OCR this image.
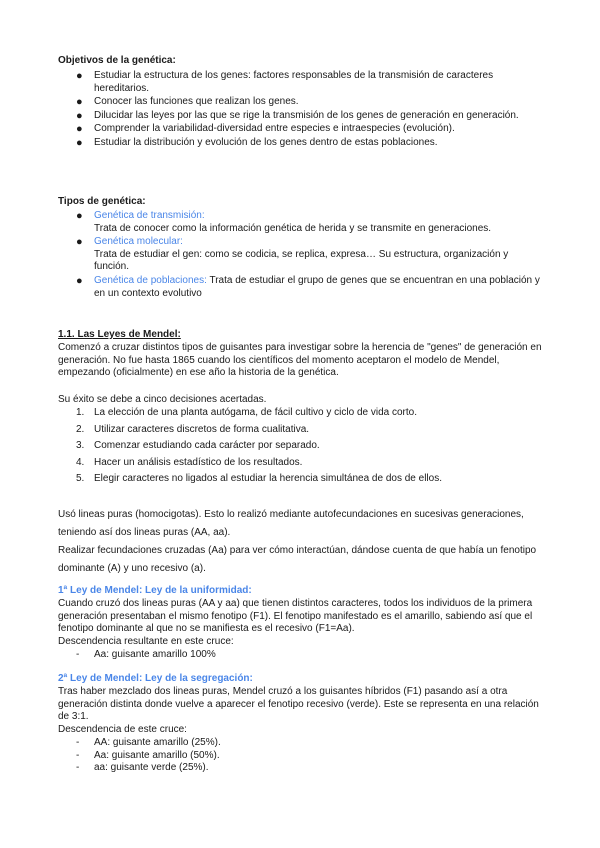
Objetivos de la genética:
● Estudiar la estructura de los genes: factores responsables de la transmisión de caracteres hereditarios.
● Conocer las funciones que realizan los genes.
● Dilucidar las leyes por las que se rige la transmisión de los genes de generación en generación.
● Comprender la variabilidad-diversidad entre especies e intraespecies (evolución).
● Estudiar la distribución y evolución de los genes dentro de estas poblaciones.
Tipos de genética:
● Genética de transmisión:
Trata de conocer como la información genética de herida y se transmite en generaciones.
● Genética molecular:
Trata de estudiar el gen: como se codicia, se replica, expresa… Su estructura, organización y función.
● Genética de poblaciones: Trata de estudiar el grupo de genes que se encuentran en una población y en un contexto evolutivo
1.1. Las Leyes de Mendel:
Comenzó a cruzar distintos tipos de guisantes para investigar sobre la herencia de "genes" de generación en generación. No fue hasta 1865 cuando los científicos del momento aceptaron el modelo de Mendel, empezando (oficialmente) en ese año la historia de la genética.
Su éxito se debe a cinco decisiones acertadas.
1. La elección de una planta autógama, de fácil cultivo y ciclo de vida corto.
2. Utilizar caracteres discretos de forma cualitativa.
3. Comenzar estudiando cada carácter por separado.
4. Hacer un análisis estadístico de los resultados.
5. Elegir caracteres no ligados al estudiar la herencia simultánea de dos de ellos.
Usó lineas puras (homocigotas). Esto lo realizó mediante autofecundaciones en sucesivas generaciones, teniendo así dos lineas puras (AA, aa).
Realizar fecundaciones cruzadas (Aa) para ver cómo interactúan, dándose cuenta de que había un fenotipo dominante (A) y uno recesivo (a).
1ª Ley de Mendel: Ley de la uniformidad:
Cuando cruzó dos lineas puras (AA y aa) que tienen distintos caracteres, todos los individuos de la primera generación presentaban el mismo fenotipo (F1). El fenotipo manifestado es el amarillo, sabiendo así que el fenotipo dominante al que no se manifiesta es el recesivo (F1=Aa).
Descendencia resultante en este cruce:
- Aa: guisante amarillo 100%
2ª Ley de Mendel: Ley de la segregación:
Tras haber mezclado dos lineas puras, Mendel cruzó a los guisantes híbridos (F1) pasando así a otra generación distinta donde vuelve a aparecer el fenotipo recesivo (verde). Este se representa en una relación de 3:1.
Descendencia de este cruce:
- AA: guisante amarillo (25%).
- Aa: guisante amarillo (50%).
- aa: guisante verde (25%).
